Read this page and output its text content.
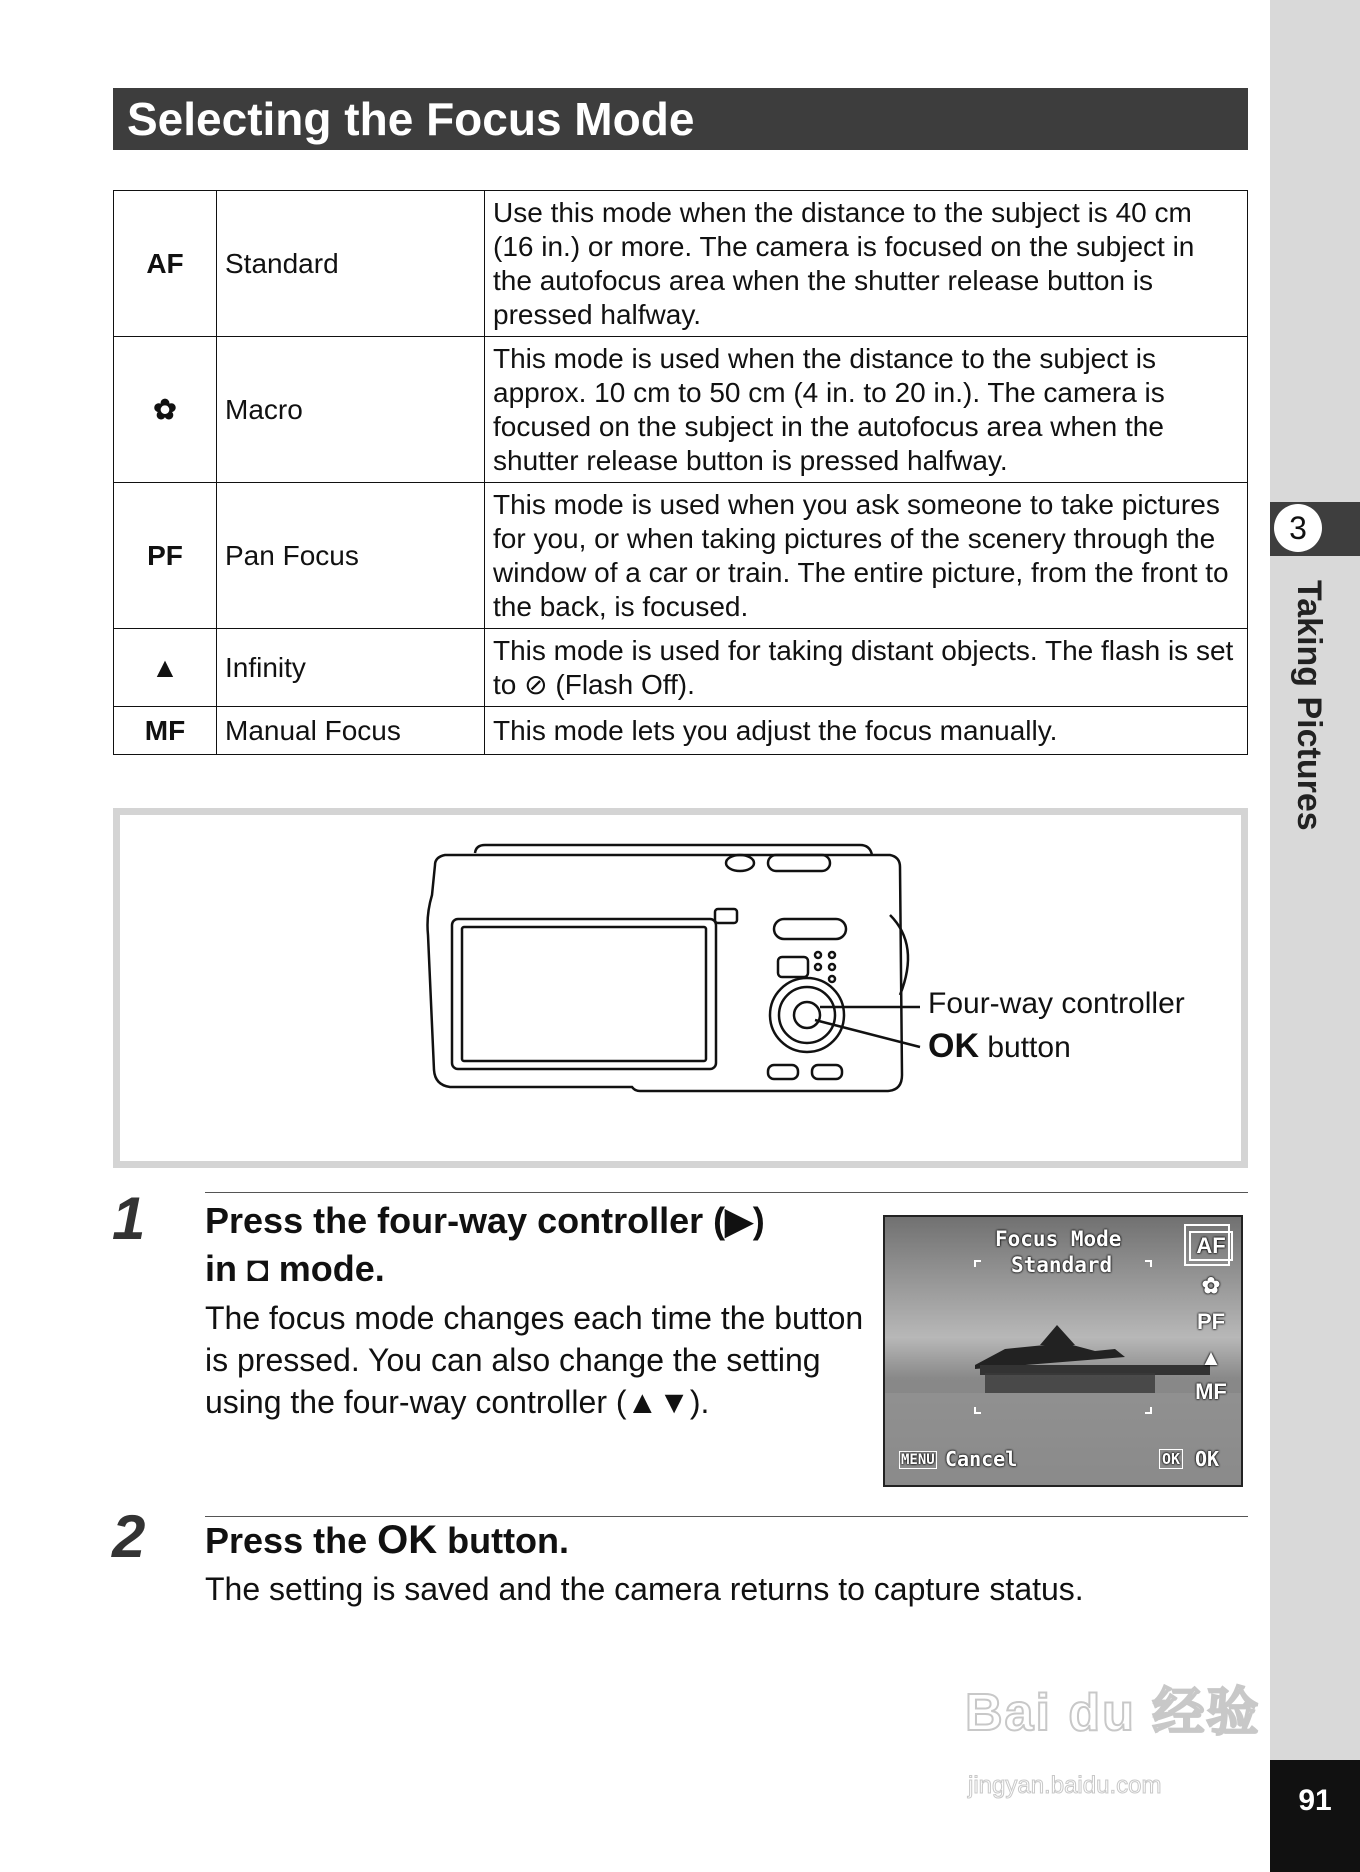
3
Taking Pictures
91
Bai du 经验
jingyan.baidu.com
Selecting the Focus Mode
AF	Standard	Use this mode when the distance to the subject is 40 cm (16 in.) or more. The camera is focused on the subject in the autofocus area when the shutter release button is pressed halfway.
✿	Macro	This mode is used when the distance to the subject is approx. 10 cm to 50 cm (4 in. to 20 in.). The camera is focused on the subject in the autofocus area when the shutter release button is pressed halfway.
PF	Pan Focus	This mode is used when you ask someone to take pictures for you, or when taking pictures of the scenery through the window of a car or train. The entire picture, from the front to the back, is focused.
▲	Infinity	This mode is used for taking distant objects. The flash is set to ⊘ (Flash Off).
MF	Manual Focus	This mode lets you adjust the focus manually.
Four-way controller
OK button
1 Press the four-way controller (▶)
in ◘ mode.
The focus mode changes each time the button is pressed. You can also change the setting using the four-way controller (▲▼).
Focus Mode
Standard
AF
✿
PF
▲
MF
MENU Cancel	OK OK
2 Press the OK button.
The setting is saved and the camera returns to capture status.
